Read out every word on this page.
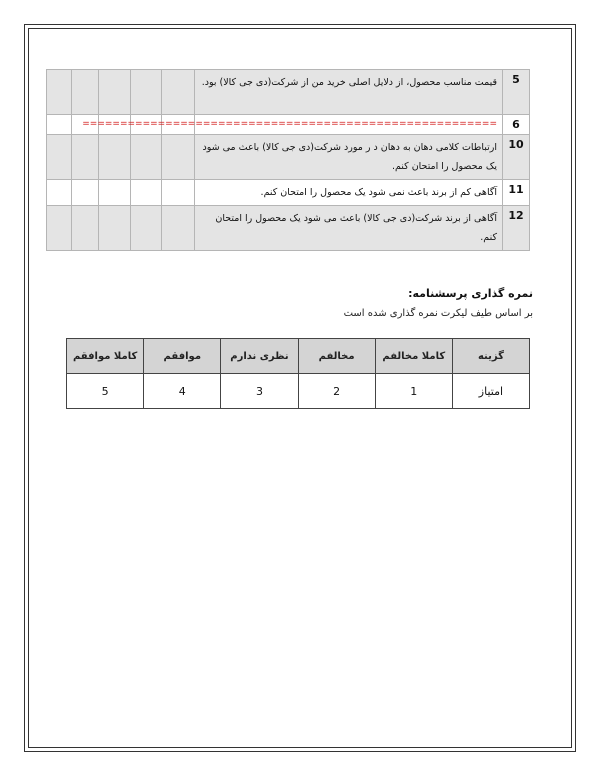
					قیمت مناسب محصول، از دلایل اصلی خرید من از شرکت(دی جی کالا) بود.	5

					=======================================================	6
					ارتباطات کلامی دهان به دهان د ر مورد شرکت(دی جی کالا) باعث می شود یک محصول را امتحان کنم.	10
					آگاهی کم از برند باعث نمی شود یک محصول را امتحان کنم.	11
					آگاهی از برند شرکت(دی جی کالا) باعث می شود یک محصول را امتحان کنم.	12
نمره گذاری پرسشنامه:
بر اساس طیف لیکرت نمره گذاری شده است
گزینه	کاملا مخالفم	مخالفم	نظری ندارم	موافقم	کاملا موافقم
امتیاز	1	2	3	4	5
